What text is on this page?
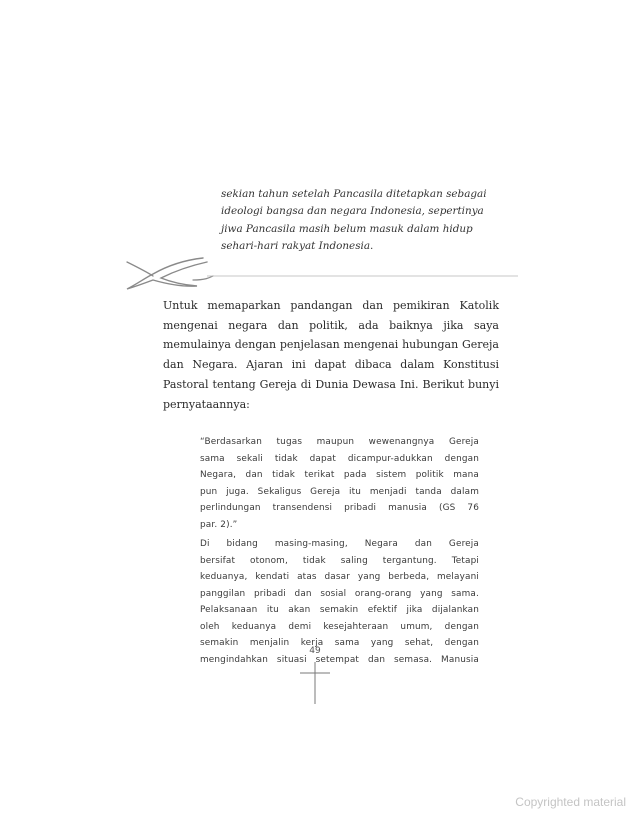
sekian tahun setelah Pancasila ditetapkan sebagai
ideologi bangsa dan negara Indonesia, sepertinya
jiwa Pancasila masih belum masuk dalam hidup
sehari-hari rakyat Indonesia.
Untuk memaparkan pandangan dan pemikiran Katolik
mengenai negara dan politik, ada baiknya jika saya
memulainya dengan penjelasan mengenai hubungan Gereja
dan Negara. Ajaran ini dapat dibaca dalam Konstitusi
Pastoral tentang Gereja di Dunia Dewasa Ini. Berikut bunyi
pernyataannya:
“Berdasarkan tugas maupun wewenangnya Gereja
sama sekali tidak dapat dicampur-adukkan dengan
Negara, dan tidak terikat pada sistem politik mana
pun juga. Sekaligus Gereja itu menjadi tanda dalam
perlindungan transendensi pribadi manusia (GS 76
par. 2).”
Di bidang masing-masing, Negara dan Gereja
bersifat otonom, tidak saling tergantung. Tetapi
keduanya, kendati atas dasar yang berbeda, melayani
panggilan pribadi dan sosial orang-orang yang sama.
Pelaksanaan itu akan semakin efektif jika dijalankan
oleh keduanya demi kesejahteraan umum, dengan
semakin menjalin kerja sama yang sehat, dengan
mengindahkan situasi setempat dan semasa. Manusia
49
Copyrighted material
